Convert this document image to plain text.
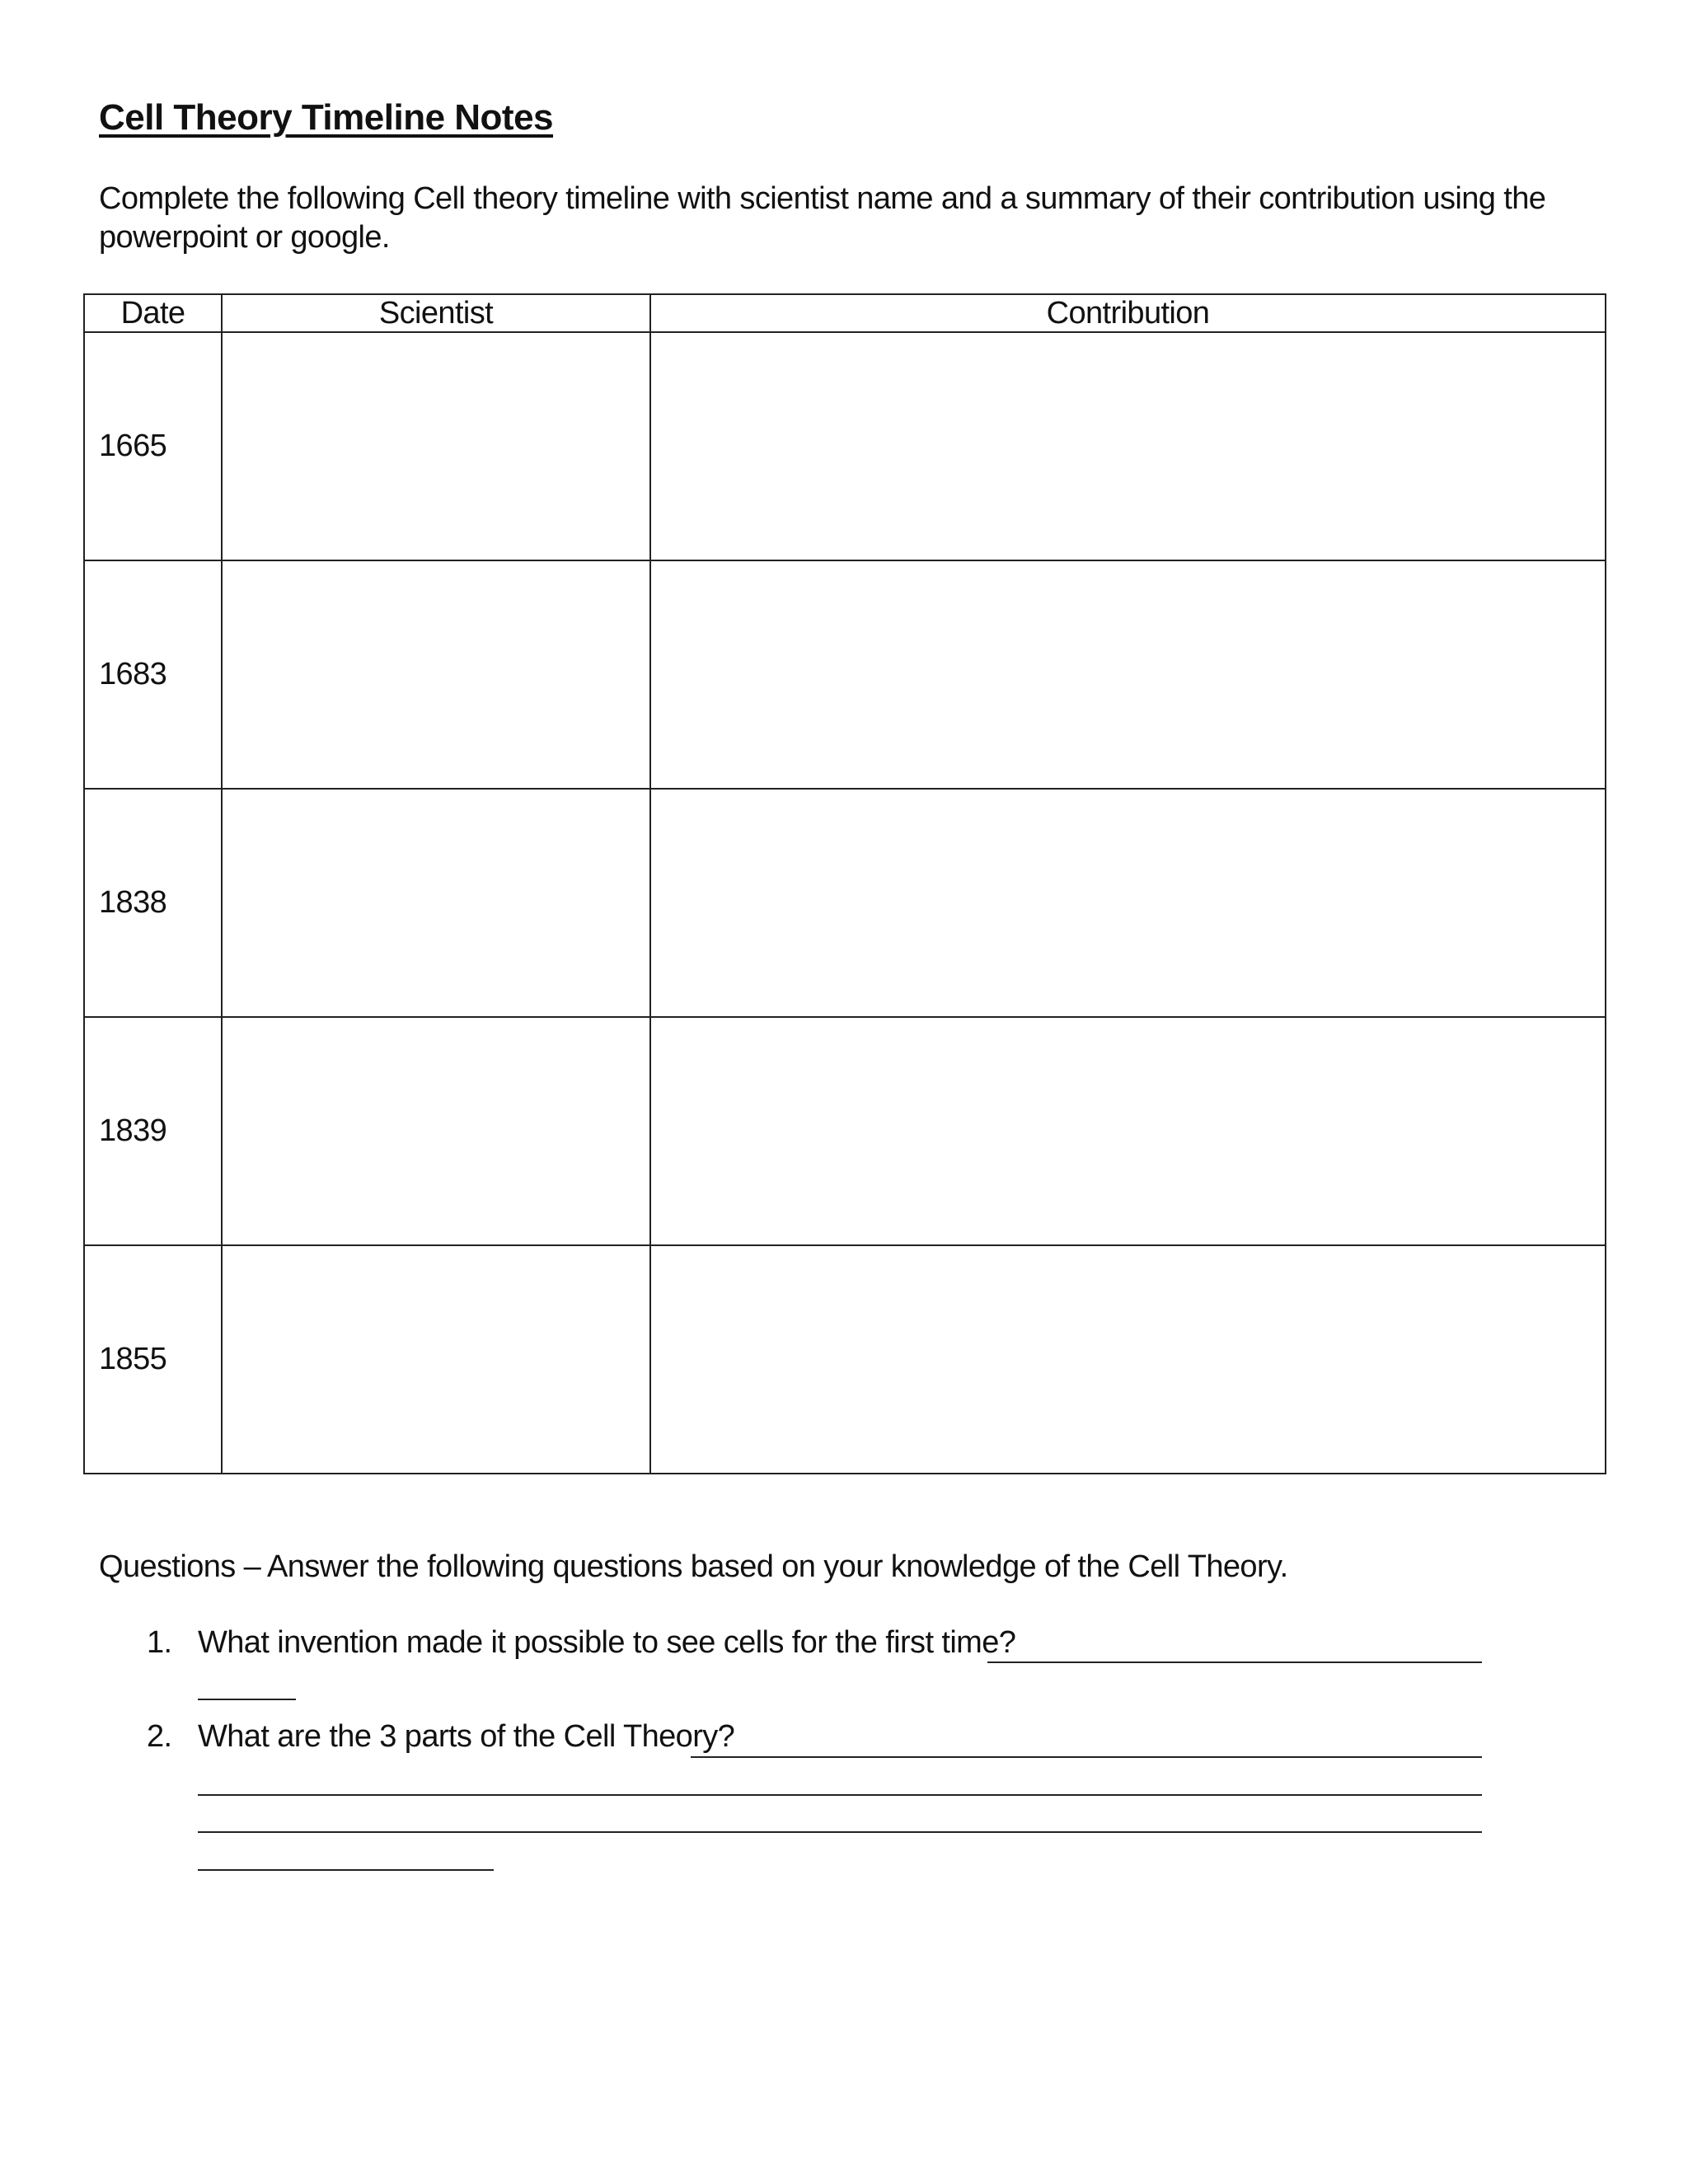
Cell Theory Timeline Notes
Complete the following Cell theory timeline with scientist name and a summary of their contribution using the powerpoint or google.
Date	Scientist	Contribution
1665		
1683		
1838		
1839		
1855		
Questions – Answer the following questions based on your knowledge of the Cell Theory.
1. What invention made it possible to see cells for the first time?
2. What are the 3 parts of the Cell Theory?
